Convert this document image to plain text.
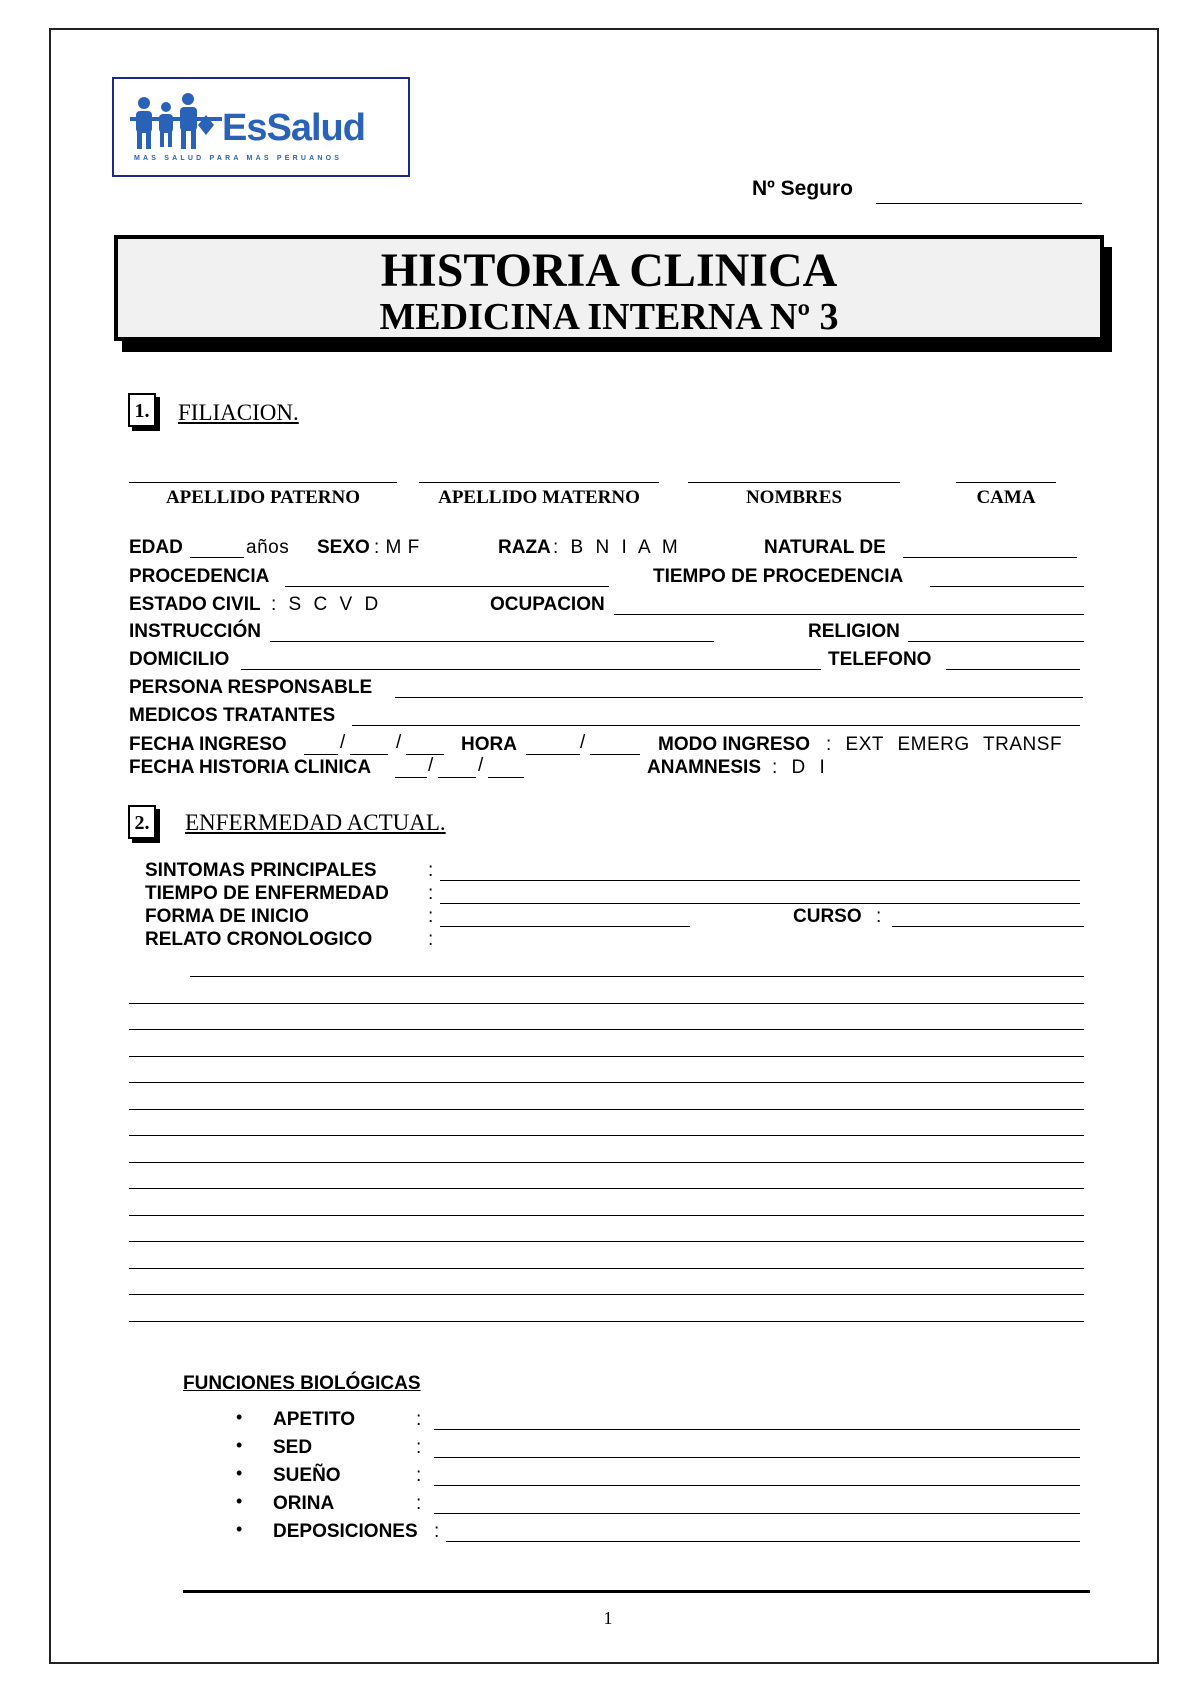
EsSalud
MAS SALUD PARA MAS PERUANOS
Nº Seguro
HISTORIA CLINICA
MEDICINA INTERNA Nº 3
1. FILIACION.
APELLIDO PATERNO	APELLIDO MATERNO	NOMBRES	CAMA
EDAD	años SEXO : M F	RAZA : B N I A M	NATURAL DE
PROCEDENCIA	TIEMPO DE PROCEDENCIA
ESTADO CIVIL : S C V D	OCUPACION
INSTRUCCIÓN	RELIGION
DOMICILIO	TELEFONO
PERSONA RESPONSABLE
MEDICOS TRATANTES
FECHA INGRESO	/	/	HORA	/	MODO INGRESO : EXT EMERG TRANSF
FECHA HISTORIA CLINICA	/ /	ANAMNESIS : D I
2. ENFERMEDAD ACTUAL.
SINTOMAS PRINCIPALES	:
TIEMPO DE ENFERMEDAD :
FORMA DE INICIO	:	CURSO :
RELATO CRONOLOGICO	:
FUNCIONES BIOLÓGICAS
• APETITO	:
• SED	:
• SUEÑO	:
• ORINA	:
• DEPOSICIONES :
1
